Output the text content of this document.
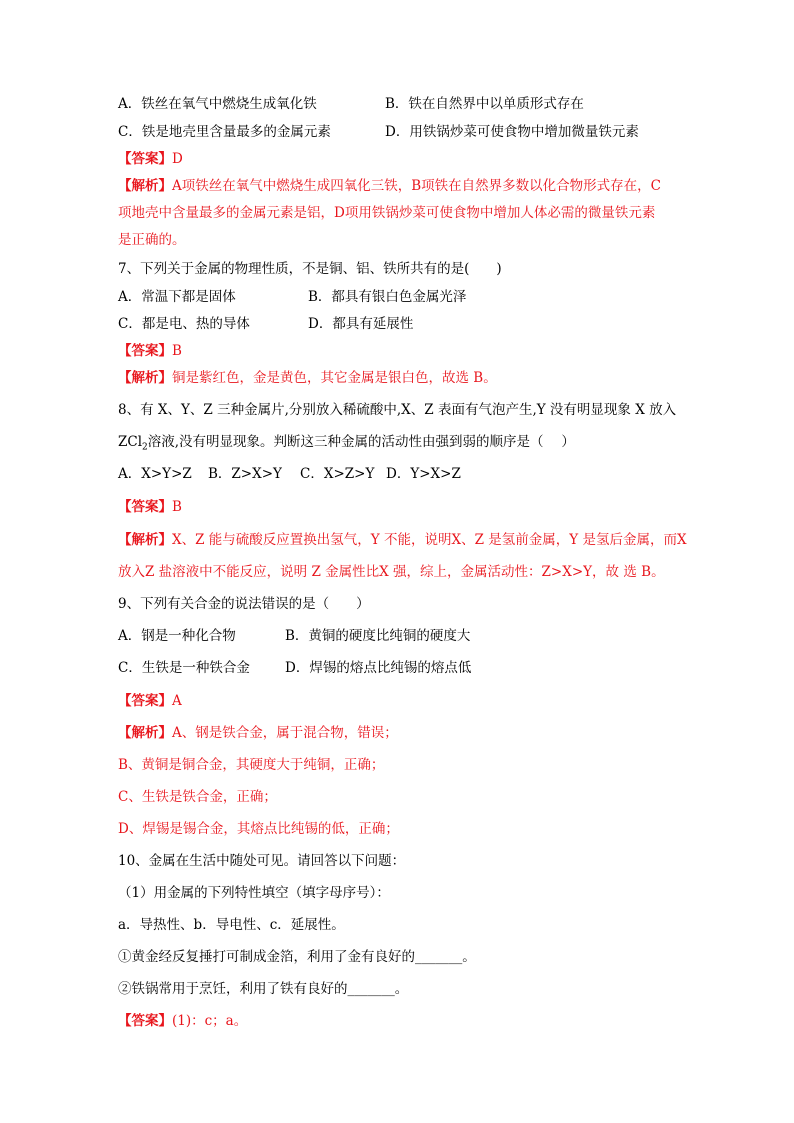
A．铁丝在氧气中燃烧生成氧化铁	B．铁在自然界中以单质形式存在
C．铁是地壳里含量最多的金属元素	D．用铁锅炒菜可使食物中增加微量铁元素
【答案】D
【解析】A项铁丝在氧气中燃烧生成四氧化三铁，B项铁在自然界多数以化合物形式存在，C
项地壳中含量最多的金属元素是铝，D项用铁锅炒菜可使食物中增加人体必需的微量铁元素
是正确的。
7、下列关于金属的物理性质，不是铜、铝、铁所共有的是(　　)
A．常温下都是固体	B．都具有银白色金属光泽
C．都是电、热的导体	D．都具有延展性
【答案】B
【解析】铜是紫红色，金是黄色，其它金属是银白色，故选 B。
8、有 X、Y、Z 三种金属片,分别放入稀硫酸中,X、Z 表面有气泡产生,Y 没有明显现象 X 放入
ZCl$_2$溶液,没有明显现象。判断这三种金属的活动性由强到弱的顺序是（　 ）
A．X>Y>Z B．Z>X>Y C．X>Z>Y D．Y>X>Z
【答案】B
【解析】X、Z 能与硫酸反应置换出氢气，Y 不能，说明X、Z 是氢前金属，Y 是氢后金属，而X
放入Z 盐溶液中不能反应，说明 Z 金属性比X 强，综上，金属活动性：Z>X>Y，故 选 B。
9、下列有关合金的说法错误的是（　　）
A．钢是一种化合物	B．黄铜的硬度比纯铜的硬度大
C．生铁是一种铁合金	D．焊锡的熔点比纯锡的熔点低
【答案】A
【解析】A、钢是铁合金，属于混合物，错误；
B、黄铜是铜合金，其硬度大于纯铜，正确；
C、生铁是铁合金，正确；
D、焊锡是锡合金，其熔点比纯锡的低，正确；
10、金属在生活中随处可见。请回答以下问题：
（1）用金属的下列特性填空（填字母序号）：
a．导热性、b．导电性、c．延展性。
①黄金经反复捶打可制成金箔，利用了金有良好的_______。
②铁锅常用于烹饪，利用了铁有良好的_______。
【答案】(1)：c；a。
